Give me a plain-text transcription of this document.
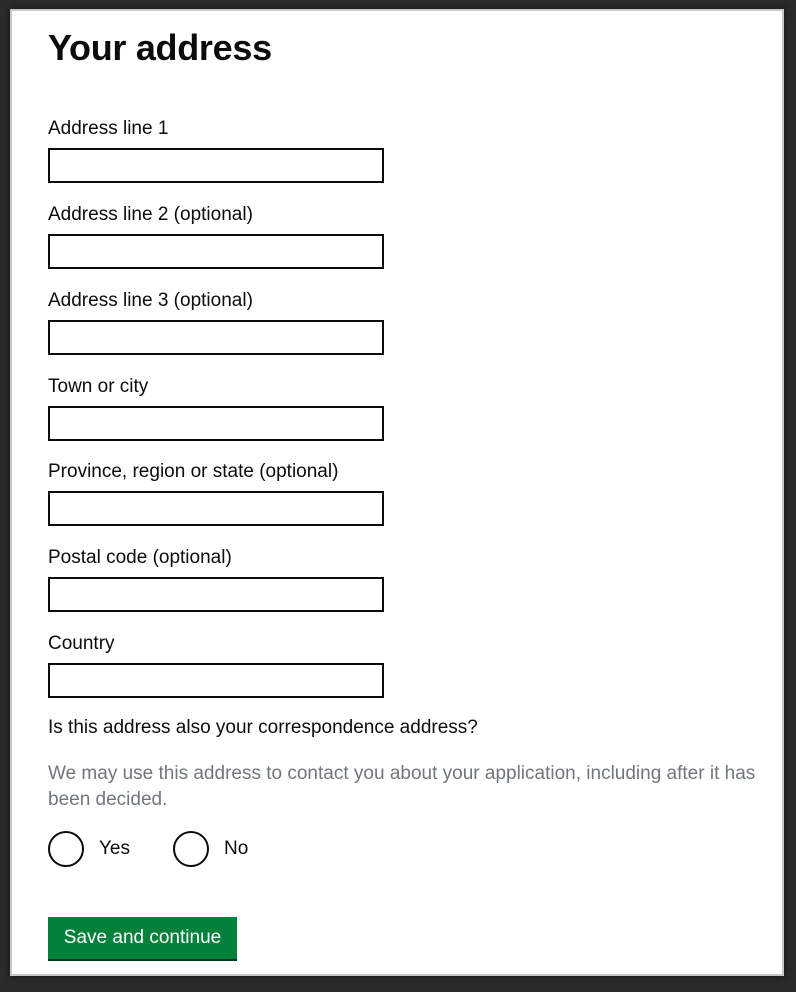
Your address
Address line 1
Address line 2 (optional)
Address line 3 (optional)
Town or city
Province, region or state (optional)
Postal code (optional)
Country
Is this address also your correspondence address?
We may use this address to contact you about your application, including after it has been decided.
Yes	No
Save and continue
